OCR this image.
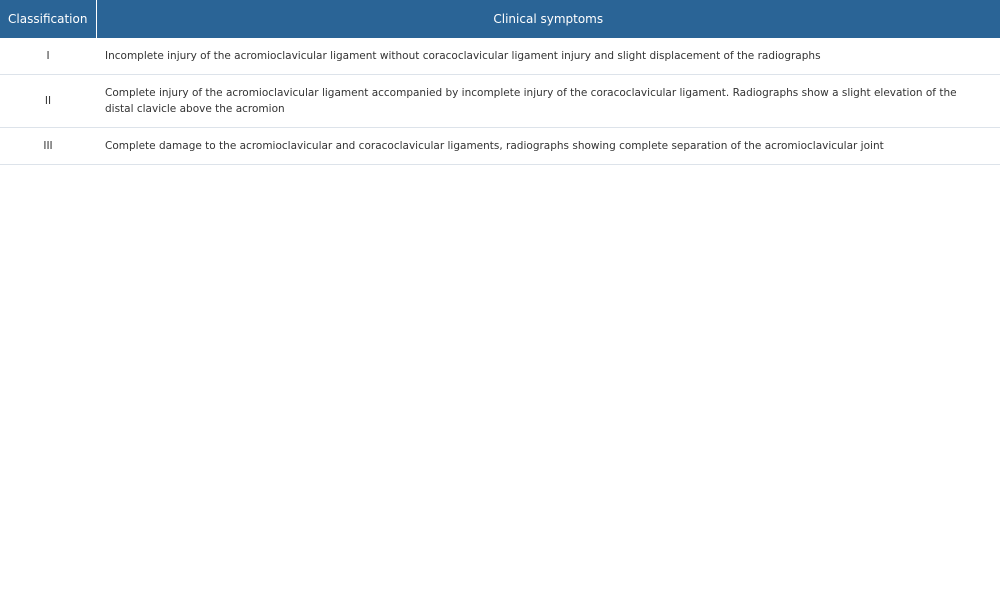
Classification	Clinical symptoms
I	Incomplete injury of the acromioclavicular ligament without coracoclavicular ligament injury and slight displacement of the radiographs
II	Complete injury of the acromioclavicular ligament accompanied by incomplete injury of the coracoclavicular ligament. Radiographs show a slight elevation of the distal clavicle above the acromion
III	Complete damage to the acromioclavicular and coracoclavicular ligaments, radiographs showing complete separation of the acromioclavicular joint
